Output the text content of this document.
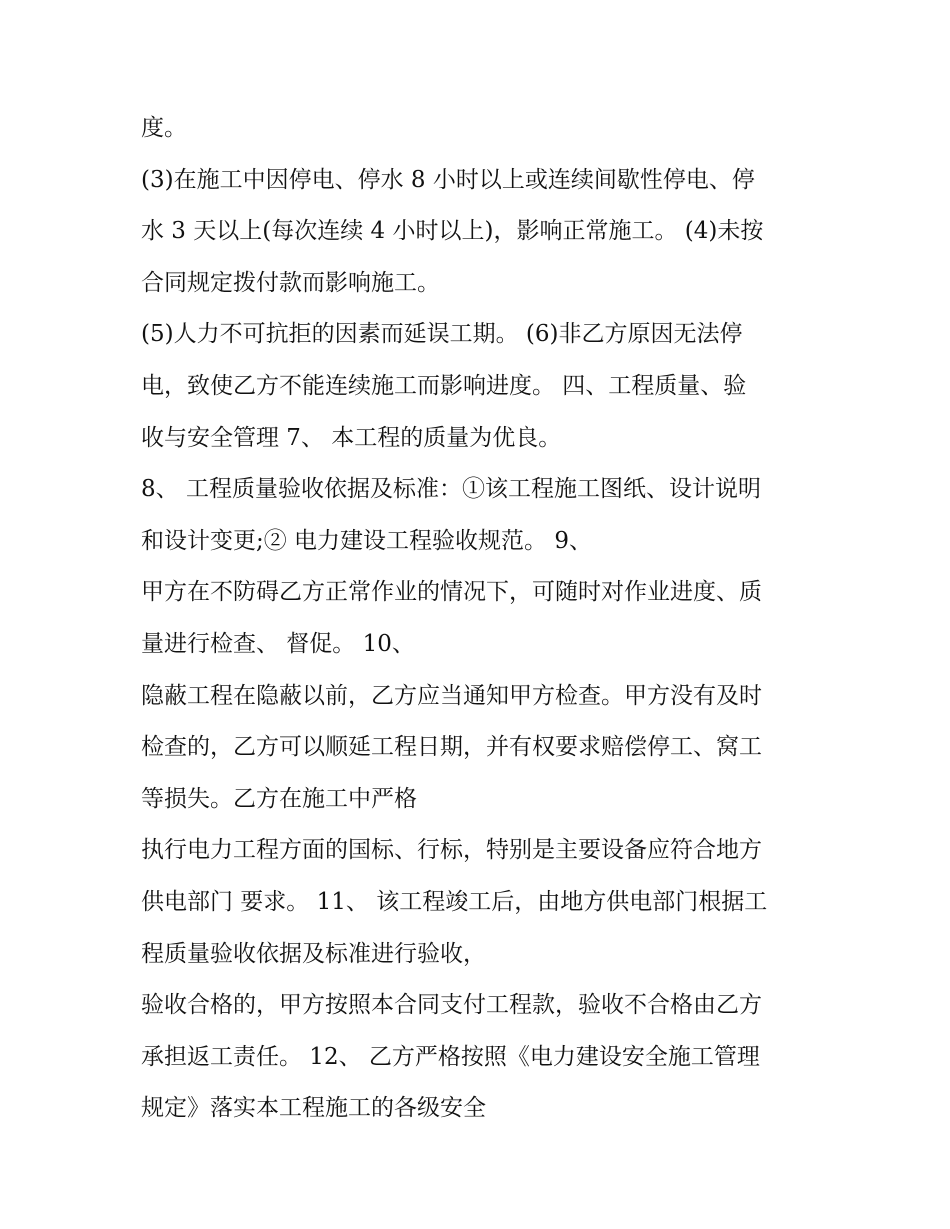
度。
(3)在施工中因停电、停水 8 小时以上或连续间歇性停电、停
水 3 天以上(每次连续 4 小时以上)，影响正常施工。 (4)未按
合同规定拨付款而影响施工。
(5)人力不可抗拒的因素而延误工期。 (6)非乙方原因无法停
电，致使乙方不能连续施工而影响进度。 四、工程质量、验
收与安全管理 7、 本工程的质量为优良。
8、 工程质量验收依据及标准：①该工程施工图纸、设计说明
和设计变更;② 电力建设工程验收规范。 9、
甲方在不防碍乙方正常作业的情况下，可随时对作业进度、质
量进行检查、 督促。 10、
隐蔽工程在隐蔽以前，乙方应当通知甲方检查。甲方没有及时
检查的，乙方可以顺延工程日期，并有权要求赔偿停工、窝工
等损失。乙方在施工中严格
执行电力工程方面的国标、行标，特别是主要设备应符合地方
供电部门 要求。 11、 该工程竣工后，由地方供电部门根据工
程质量验收依据及标准进行验收，
验收合格的，甲方按照本合同支付工程款，验收不合格由乙方
承担返工责任。 12、 乙方严格按照《电力建设安全施工管理
规定》落实本工程施工的各级安全
